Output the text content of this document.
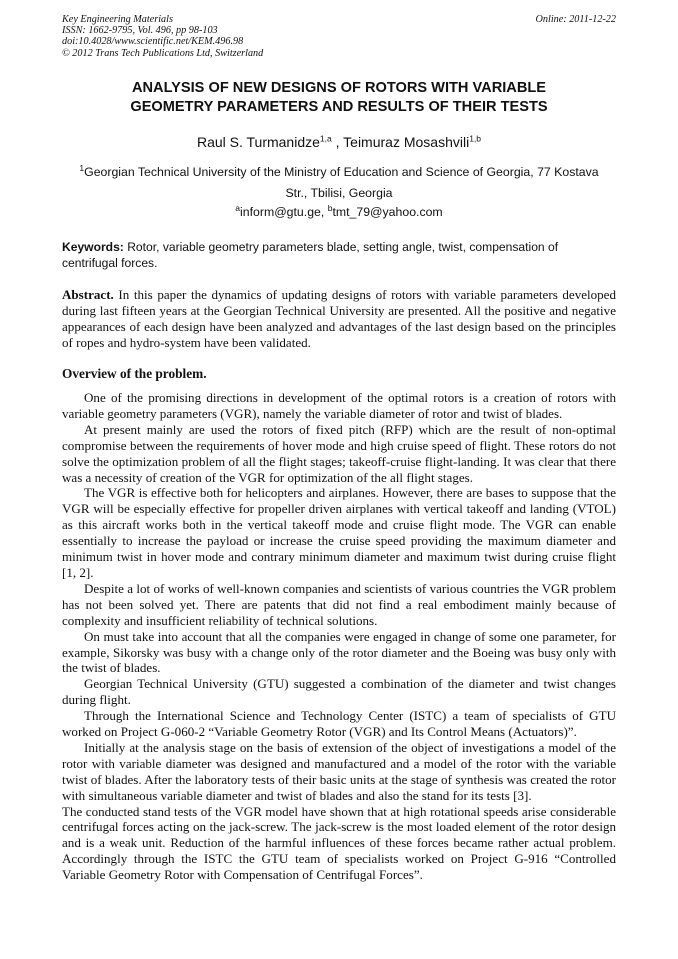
Key Engineering Materials
ISSN: 1662-9795, Vol. 496, pp 98-103
doi:10.4028/www.scientific.net/KEM.496.98
© 2012 Trans Tech Publications Ltd, Switzerland
Online: 2011-12-22
ANALYSIS OF NEW DESIGNS OF ROTORS WITH VARIABLE
GEOMETRY PARAMETERS AND RESULTS OF THEIR TESTS
Raul S. Turmanidze$^{1,a}$ , Teimuraz Mosashvili$^{1,b}$
$^1$Georgian Technical University of the Ministry of Education and Science of Georgia, 77 Kostava
Str., Tbilisi, Georgia
$^a$inform@gtu.ge, $^b$tmt_79@yahoo.com
Keywords: Rotor, variable geometry parameters blade, setting angle, twist, compensation of centrifugal forces.
Abstract. In this paper the dynamics of updating designs of rotors with variable parameters developed during last fifteen years at the Georgian Technical University are presented. All the positive and negative appearances of each design have been analyzed and advantages of the last design based on the principles of ropes and hydro-system have been validated.
Overview of the problem.

One of the promising directions in development of the optimal rotors is a creation of rotors with variable geometry parameters (VGR), namely the variable diameter of rotor and twist of blades.

At present mainly are used the rotors of fixed pitch (RFP) which are the result of non-optimal compromise between the requirements of hover mode and high cruise speed of flight. These rotors do not solve the optimization problem of all the flight stages; takeoff-cruise flight-landing. It was clear that there was a necessity of creation of the VGR for optimization of the all flight stages.

The VGR is effective both for helicopters and airplanes. However, there are bases to suppose that the VGR will be especially effective for propeller driven airplanes with vertical takeoff and landing (VTOL) as this aircraft works both in the vertical takeoff mode and cruise flight mode. The VGR can enable essentially to increase the payload or increase the cruise speed providing the maximum diameter and minimum twist in hover mode and contrary minimum diameter and maximum twist during cruise flight [1, 2].

Despite a lot of works of well-known companies and scientists of various countries the VGR problem has not been solved yet. There are patents that did not find a real embodiment mainly because of complexity and insufficient reliability of technical solutions.

On must take into account that all the companies were engaged in change of some one parameter, for example, Sikorsky was busy with a change only of the rotor diameter and the Boeing was busy only with the twist of blades.

Georgian Technical University (GTU) suggested a combination of the diameter and twist changes during flight.

Through the International Science and Technology Center (ISTC) a team of specialists of GTU worked on Project G-060-2 “Variable Geometry Rotor (VGR) and Its Control Means (Actuators)”.

Initially at the analysis stage on the basis of extension of the object of investigations a model of the rotor with variable diameter was designed and manufactured and a model of the rotor with the variable twist of blades. After the laboratory tests of their basic units at the stage of synthesis was created the rotor with simultaneous variable diameter and twist of blades and also the stand for its tests [3].

The conducted stand tests of the VGR model have shown that at high rotational speeds arise considerable centrifugal forces acting on the jack-screw. The jack-screw is the most loaded element of the rotor design and is a weak unit. Reduction of the harmful influences of these forces became rather actual problem. Accordingly through the ISTC the GTU team of specialists worked on Project G-916 “Controlled Variable Geometry Rotor with Compensation of Centrifugal Forces”.
